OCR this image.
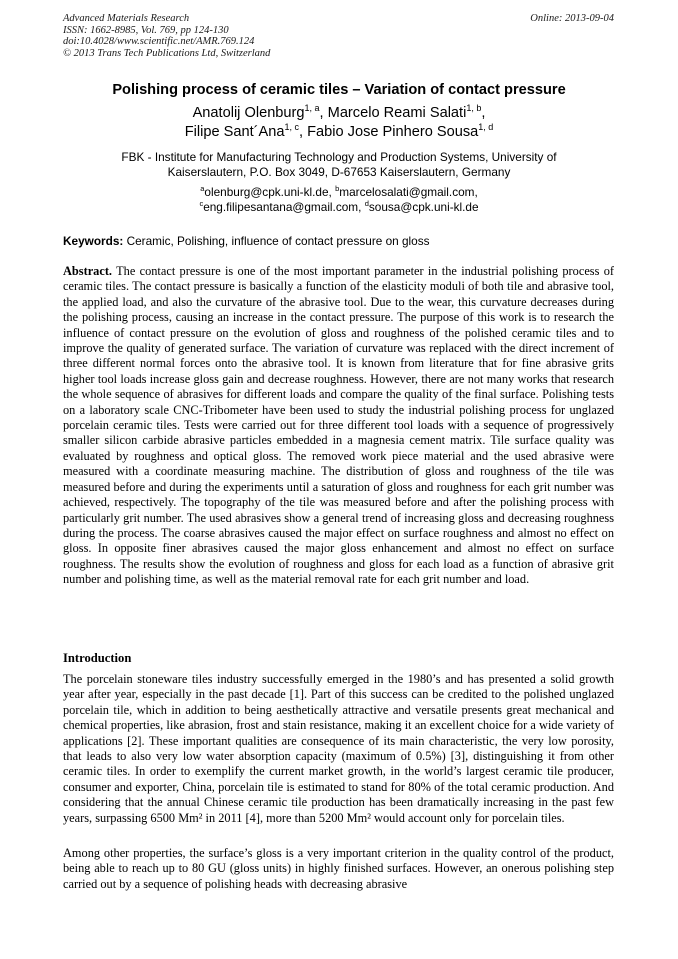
Advanced Materials Research
ISSN: 1662-8985, Vol. 769, pp 124-130
doi:10.4028/www.scientific.net/AMR.769.124
© 2013 Trans Tech Publications Ltd, Switzerland
Online: 2013-09-04
Polishing process of ceramic tiles – Variation of contact pressure
Anatolij Olenburg$^{1, a}$, Marcelo Reami Salati$^{1, b}$,
Filipe Sant´Ana$^{1, c}$, Fabio Jose Pinhero Sousa$^{1, d}$
FBK - Institute for Manufacturing Technology and Production Systems, University of
Kaiserslautern, P.O. Box 3049, D-67653 Kaiserslautern, Germany
$^a$olenburg@cpk.uni-kl.de, $^b$marcelosalati@gmail.com,
$^c$eng.filipesantana@gmail.com, $^d$sousa@cpk.uni-kl.de
Keywords: Ceramic, Polishing, influence of contact pressure on gloss

Abstract. The contact pressure is one of the most important parameter in the industrial polishing process of ceramic tiles. The contact pressure is basically a function of the elasticity moduli of both tile and abrasive tool, the applied load, and also the curvature of the abrasive tool. Due to the wear, this curvature decreases during the polishing process, causing an increase in the contact pressure. The purpose of this work is to research the influence of contact pressure on the evolution of gloss and roughness of the polished ceramic tiles and to improve the quality of generated surface. The variation of curvature was replaced with the direct increment of three different normal forces onto the abrasive tool. It is known from literature that for fine abrasive grits higher tool loads increase gloss gain and decrease roughness. However, there are not many works that research the whole sequence of abrasives for different loads and compare the quality of the final surface. Polishing tests on a laboratory scale CNC-Tribometer have been used to study the industrial polishing process for unglazed porcelain ceramic tiles. Tests were carried out for three different tool loads with a sequence of progressively smaller silicon carbide abrasive particles embedded in a magnesia cement matrix. Tile surface quality was evaluated by roughness and optical gloss. The removed work piece material and the used abrasive were measured with a coordinate measuring machine. The distribution of gloss and roughness of the tile was measured before and during the experiments until a saturation of gloss and roughness for each grit number was achieved, respectively. The topography of the tile was measured before and after the polishing process with particularly grit number. The used abrasives show a general trend of increasing gloss and decreasing roughness during the process. The coarse abrasives caused the major effect on surface roughness and almost no effect on gloss. In opposite finer abrasives caused the major gloss enhancement and almost no effect on surface roughness. The results show the evolution of roughness and gloss for each load as a function of abrasive grit number and polishing time, as well as the material removal rate for each grit number and load.

Introduction

The porcelain stoneware tiles industry successfully emerged in the 1980’s and has presented a solid growth year after year, especially in the past decade [1]. Part of this success can be credited to the polished unglazed porcelain tile, which in addition to being aesthetically attractive and versatile presents great mechanical and chemical properties, like abrasion, frost and stain resistance, making it an excellent choice for a wide variety of applications [2]. These important qualities are consequence of its main characteristic, the very low porosity, that leads to also very low water absorption capacity (maximum of 0.5%) [3], distinguishing it from other ceramic tiles. In order to exemplify the current market growth, in the world’s largest ceramic tile producer, consumer and exporter, China, porcelain tile is estimated to stand for 80% of the total ceramic production. And considering that the annual Chinese ceramic tile production has been dramatically increasing in the past few years, surpassing 6500 Mm² in 2011 [4], more than 5200 Mm² would account only for porcelain tiles.

Among other properties, the surface’s gloss is a very important criterion in the quality control of the product, being able to reach up to 80 GU (gloss units) in highly finished surfaces. However, an onerous polishing step carried out by a sequence of polishing heads with decreasing abrasive
